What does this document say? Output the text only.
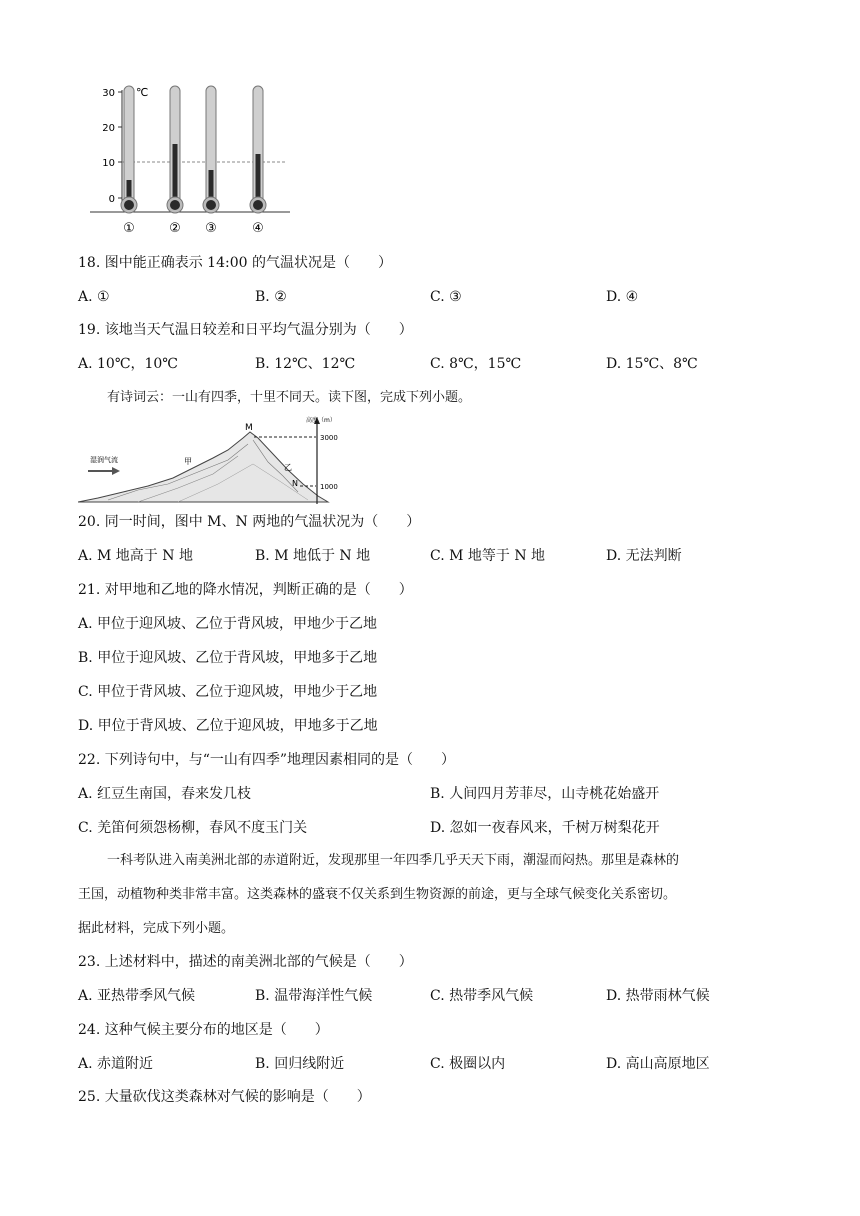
30
20
10
0
℃
①	② ③	④
18. 图中能正确表示 14:00 的气温状况是（　　）
A. ①	B. ②	C. ③	D. ④
19. 该地当天气温日较差和日平均气温分别为（　　）
A. 10℃，10℃	B. 12℃、12℃	C. 8℃，15℃	D. 15℃、8℃
有诗词云：一山有四季，十里不同天。读下图，完成下列小题。
湿润气流	甲
M
乙
N
高度（m）
3000
1000
20. 同一时间，图中 M、N 两地的气温状况为（　　）
A. M 地高于 N 地	B. M 地低于 N 地	C. M 地等于 N 地	D. 无法判断
21. 对甲地和乙地的降水情况，判断正确的是（　　）
A. 甲位于迎风坡、乙位于背风坡，甲地少于乙地
B. 甲位于迎风坡、乙位于背风坡，甲地多于乙地
C. 甲位于背风坡、乙位于迎风坡，甲地少于乙地
D. 甲位于背风坡、乙位于迎风坡，甲地多于乙地
22. 下列诗句中，与“一山有四季”地理因素相同的是（　　）
A. 红豆生南国，春来发几枝	B. 人间四月芳菲尽，山寺桃花始盛开
C. 羌笛何须怨杨柳，春风不度玉门关	D. 忽如一夜春风来，千树万树梨花开
一科考队进入南美洲北部的赤道附近，发现那里一年四季几乎天天下雨，潮湿而闷热。那里是森林的
王国，动植物种类非常丰富。这类森林的盛衰不仅关系到生物资源的前途，更与全球气候变化关系密切。
据此材料，完成下列小题。
23. 上述材料中，描述的南美洲北部的气候是（　　）
A. 亚热带季风气候	B. 温带海洋性气候	C. 热带季风气候	D. 热带雨林气候
24. 这种气候主要分布的地区是（　　）
A. 赤道附近	B. 回归线附近	C. 极圈以内	D. 高山高原地区
25. 大量砍伐这类森林对气候的影响是（　　）
